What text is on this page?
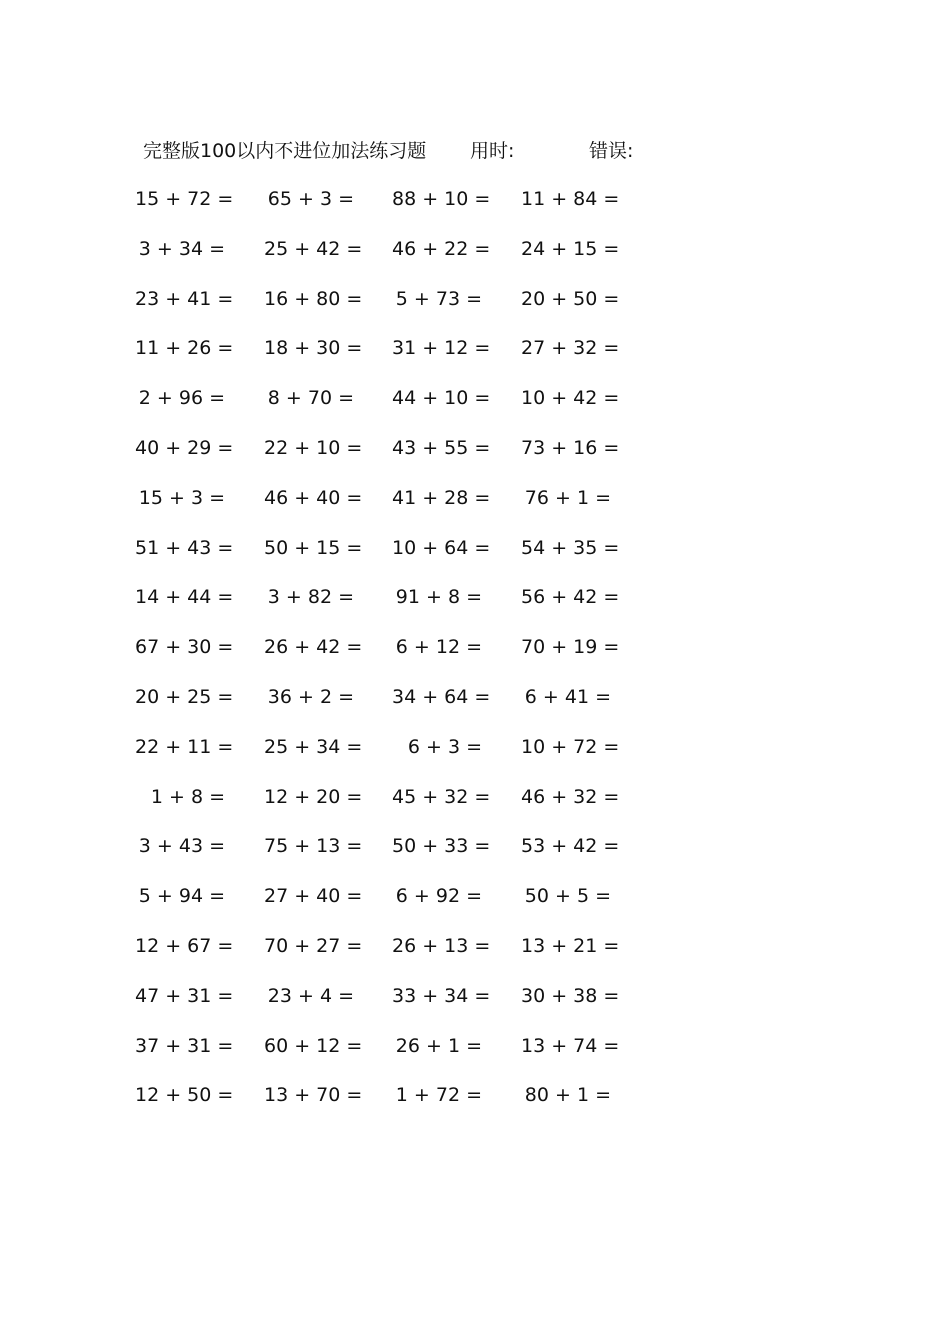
完整版100以内不进位加法练习题 用时:	错误:
15 + 72 = 65 + 3 = 88 + 10 = 11 + 84 =
3 + 34 = 25 + 42 = 46 + 22 = 24 + 15 =
23 + 41 = 16 + 80 = 5 + 73 = 20 + 50 =
11 + 26 = 18 + 30 = 31 + 12 = 27 + 32 =
2 + 96 = 8 + 70 = 44 + 10 = 10 + 42 =
40 + 29 = 22 + 10 = 43 + 55 = 73 + 16 =
15 + 3 = 46 + 40 = 41 + 28 = 76 + 1 =
51 + 43 = 50 + 15 = 10 + 64 = 54 + 35 =
14 + 44 = 3 + 82 = 91 + 8 = 56 + 42 =
67 + 30 = 26 + 42 = 6 + 12 = 70 + 19 =
20 + 25 = 36 + 2 = 34 + 64 = 6 + 41 =
22 + 11 = 25 + 34 =	6 + 3 = 10 + 72 =
1 + 8 = 12 + 20 = 45 + 32 = 46 + 32 =
3 + 43 = 75 + 13 = 50 + 33 = 53 + 42 =
5 + 94 = 27 + 40 = 6 + 92 = 50 + 5 =
12 + 67 = 70 + 27 = 26 + 13 = 13 + 21 =
47 + 31 = 23 + 4 = 33 + 34 = 30 + 38 =
37 + 31 = 60 + 12 = 26 + 1 = 13 + 74 =
12 + 50 = 13 + 70 = 1 + 72 = 80 + 1 =
